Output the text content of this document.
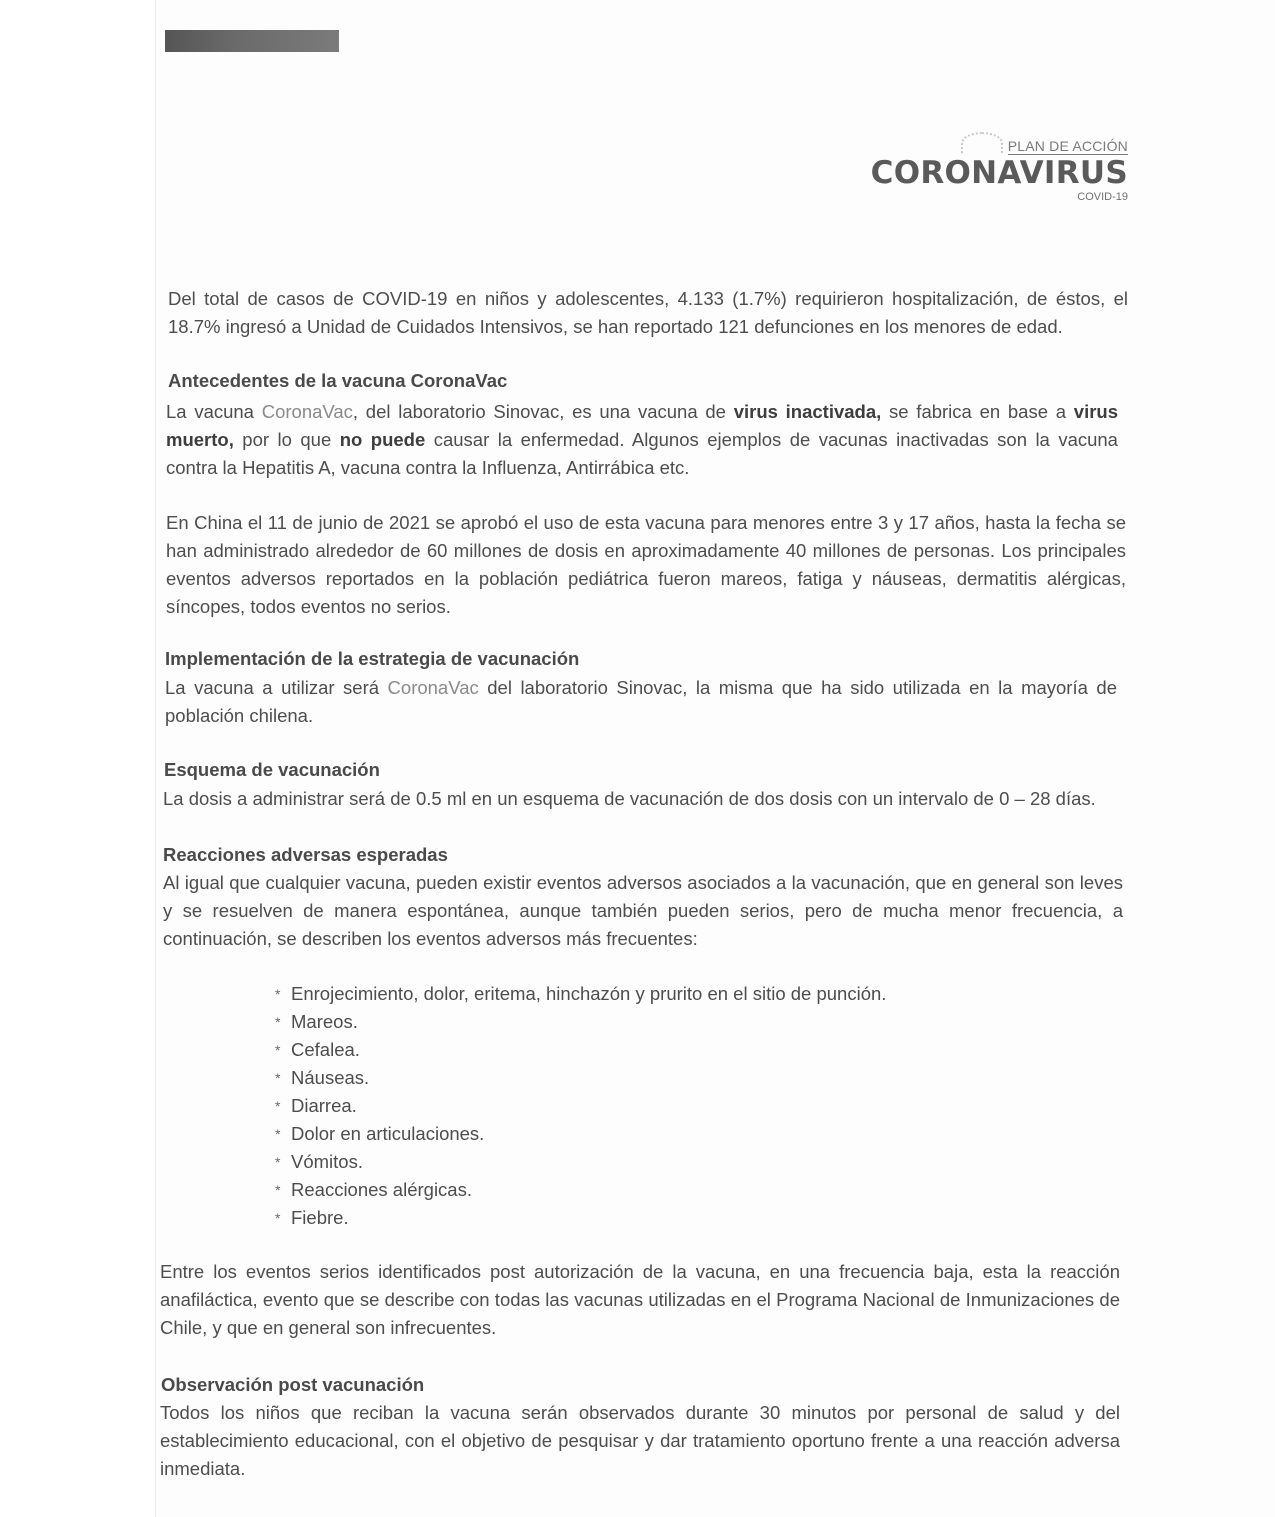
PLAN DE ACCIÓN
CORONAVIRUS
COVID-19
Del total de casos de COVID-19 en niños y adolescentes, 4.133 (1.7%) requirieron hospitalización, de éstos, el 18.7% ingresó a Unidad de Cuidados Intensivos, se han reportado 121 defunciones en los menores de edad.
Antecedentes de la vacuna CoronaVac
La vacuna CoronaVac, del laboratorio Sinovac, es una vacuna de virus inactivada, se fabrica en base a virus muerto, por lo que no puede causar la enfermedad. Algunos ejemplos de vacunas inactivadas son la vacuna contra la Hepatitis A, vacuna contra la Influenza, Antirrábica etc.
En China el 11 de junio de 2021 se aprobó el uso de esta vacuna para menores entre 3 y 17 años, hasta la fecha se han administrado alrededor de 60 millones de dosis en aproximadamente 40 millones de personas. Los principales eventos adversos reportados en la población pediátrica fueron mareos, fatiga y náuseas, dermatitis alérgicas, síncopes, todos eventos no serios.
Implementación de la estrategia de vacunación
La vacuna a utilizar será CoronaVac del laboratorio Sinovac, la misma que ha sido utilizada en la mayoría de población chilena.
Esquema de vacunación
La dosis a administrar será de 0.5 ml en un esquema de vacunación de dos dosis con un intervalo de 0 – 28 días.
Reacciones adversas esperadas
Al igual que cualquier vacuna, pueden existir eventos adversos asociados a la vacunación, que en general son leves y se resuelven de manera espontánea, aunque también pueden serios, pero de mucha menor frecuencia, a continuación, se describen los eventos adversos más frecuentes:
* Enrojecimiento, dolor, eritema, hinchazón y prurito en el sitio de punción.
* Mareos.
* Cefalea.
* Náuseas.
* Diarrea.
* Dolor en articulaciones.
* Vómitos.
* Reacciones alérgicas.
* Fiebre.
Entre los eventos serios identificados post autorización de la vacuna, en una frecuencia baja, esta la reacción anafiláctica, evento que se describe con todas las vacunas utilizadas en el Programa Nacional de Inmunizaciones de Chile, y que en general son infrecuentes.
Observación post vacunación
Todos los niños que reciban la vacuna serán observados durante 30 minutos por personal de salud y del establecimiento educacional, con el objetivo de pesquisar y dar tratamiento oportuno frente a una reacción adversa inmediata.
